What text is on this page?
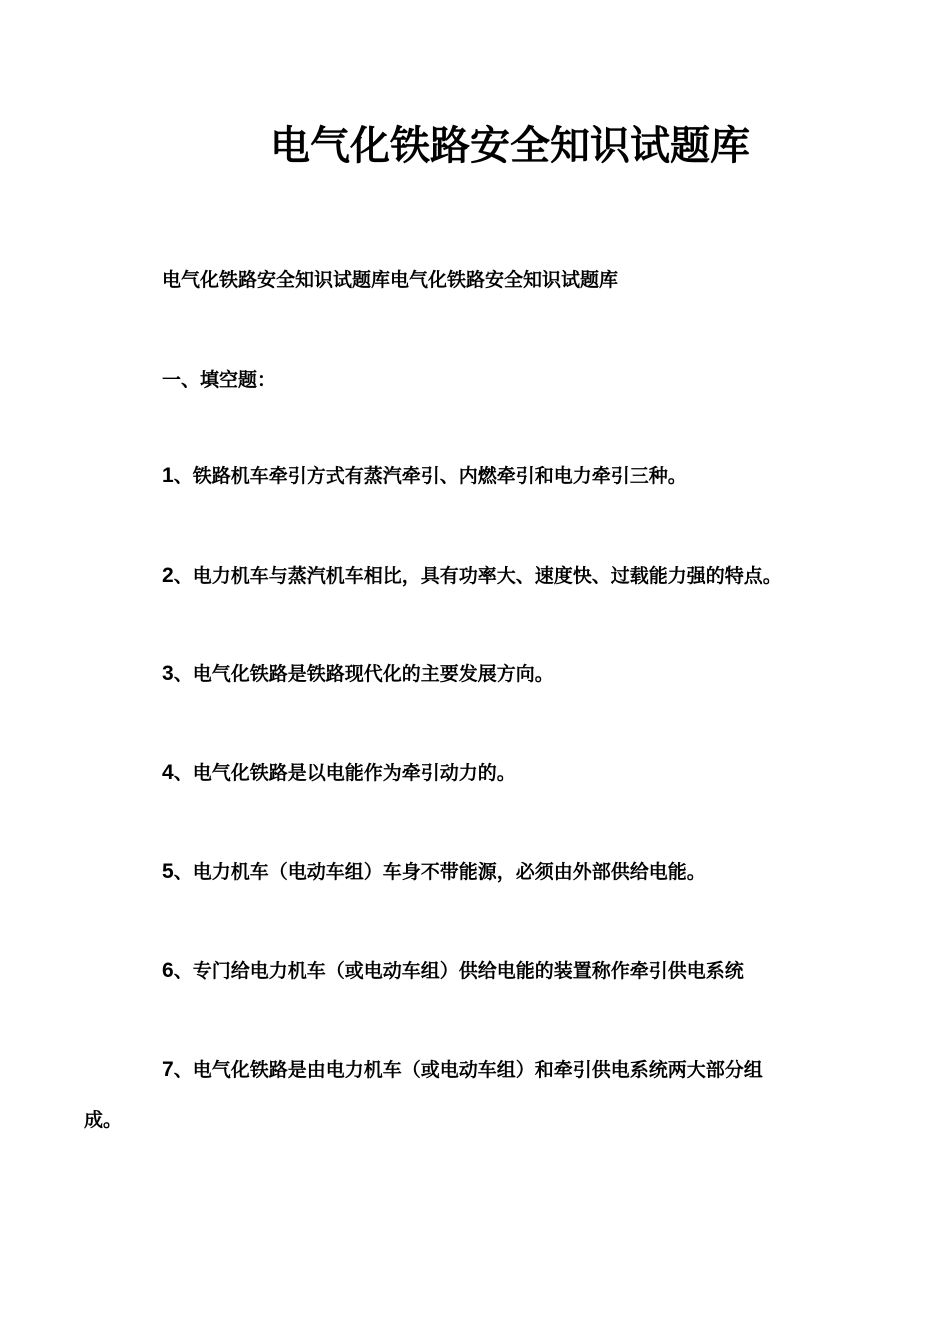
电气化铁路安全知识试题库
电气化铁路安全知识试题库电气化铁路安全知识试题库
一、填空题：
1、铁路机车牵引方式有蒸汽牵引、内燃牵引和电力牵引三种。
2、电力机车与蒸汽机车相比，具有功率大、速度快、过载能力强的特点。
3、电气化铁路是铁路现代化的主要发展方向。
4、电气化铁路是以电能作为牵引动力的。
5、电力机车（电动车组）车身不带能源，必须由外部供给电能。
6、专门给电力机车（或电动车组）供给电能的装置称作牵引供电系统
7、电气化铁路是由电力机车（或电动车组）和牵引供电系统两大部分组
成。
